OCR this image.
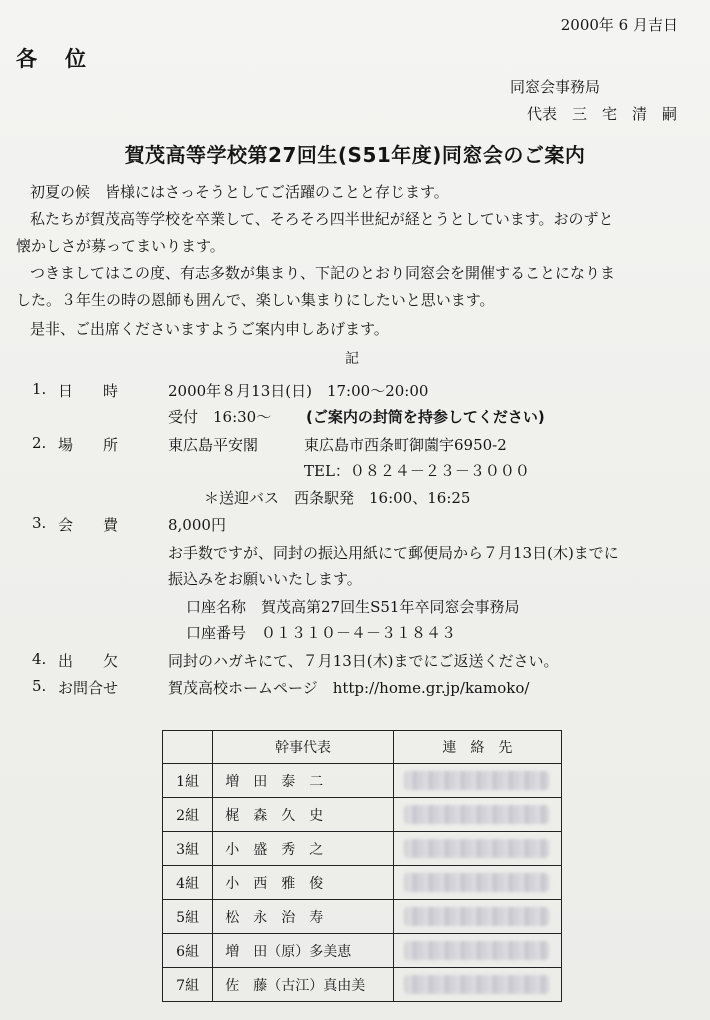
2000年 6 月吉日
各位
同窓会事務局
代表　三　宅　清　嗣
賀茂高等学校第27回生(S51年度)同窓会のご案内
初夏の候　皆様にはさっそうとしてご活躍のことと存じます。
私たちが賀茂高等学校を卒業して、そろそろ四半世紀が経とうとしています。おのずと
懐かしさが募ってまいります。
つきましてはこの度、有志多数が集まり、下記のとおり同窓会を開催することになりま
した。３年生の時の恩師も囲んで、楽しい集まりにしたいと思います。
是非、ご出席くださいますようご案内申しあげます。
記
1. 日　　時	2000年８月13日(日)　17:00～20:00
受付　16:30～ (ご案内の封筒を持参してください)
2. 場　　所	東広島平安閣	東広島市西条町御薗宇6950-2
TEL：０８２４－２３－３０００
＊送迎バス　西条駅発　16:00、16:25
3. 会　　費	8,000円
お手数ですが、同封の振込用紙にて郵便局から７月13日(木)までに
振込みをお願いいたします。
口座名称　賀茂高第27回生S51年卒同窓会事務局
口座番号　０１３１０－４－３１８４３
4. 出　　欠	同封のハガキにて、７月13日(木)までにご返送ください。
5. お問合せ	賀茂高校ホームページ　http://home.gr.jp/kamoko/
	幹事代表	連　絡　先
1組	増　田　泰　二	

2組	梶　森　久　史	

3組	小　盛　秀　之	

4組	小　西　雅　俊	

5組	松　永　治　寿	

6組	増　田（原）多美恵	

7組	佐　藤（古江）真由美	
